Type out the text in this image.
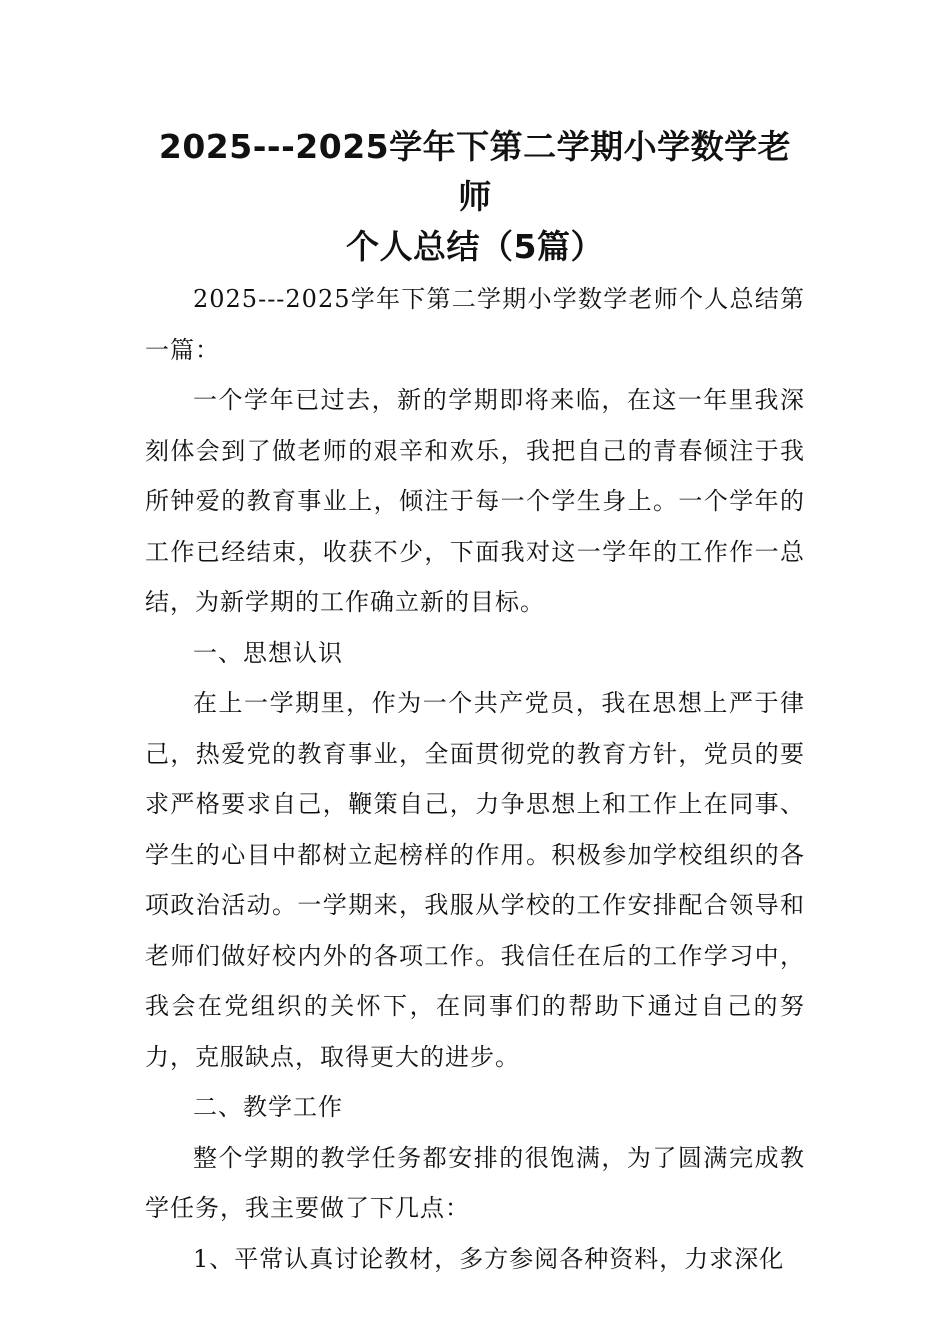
2025---2025学年下第二学期小学数学老师
个人总结（5篇）

2025---2025学年下第二学期小学数学老师个人总结第一篇：

一个学年已过去，新的学期即将来临，在这一年里我深刻体会到了做老师的艰辛和欢乐，我把自己的青春倾注于我所钟爱的教育事业上，倾注于每一个学生身上。一个学年的工作已经结束，收获不少，下面我对这一学年的工作作一总结，为新学期的工作确立新的目标。

一、思想认识

在上一学期里，作为一个共产党员，我在思想上严于律己，热爱党的教育事业，全面贯彻党的教育方针，党员的要求严格要求自己，鞭策自己，力争思想上和工作上在同事、学生的心目中都树立起榜样的作用。积极参加学校组织的各项政治活动。一学期来，我服从学校的工作安排配合领导和老师们做好校内外的各项工作。我信任在后的工作学习中，我会在党组织的关怀下，在同事们的帮助下通过自己的努力，克服缺点，取得更大的进步。

二、教学工作

整个学期的教学任务都安排的很饱满，为了圆满完成教学任务，我主要做了下几点：

1、平常认真讨论教材，多方参阅各种资料，力求深化
